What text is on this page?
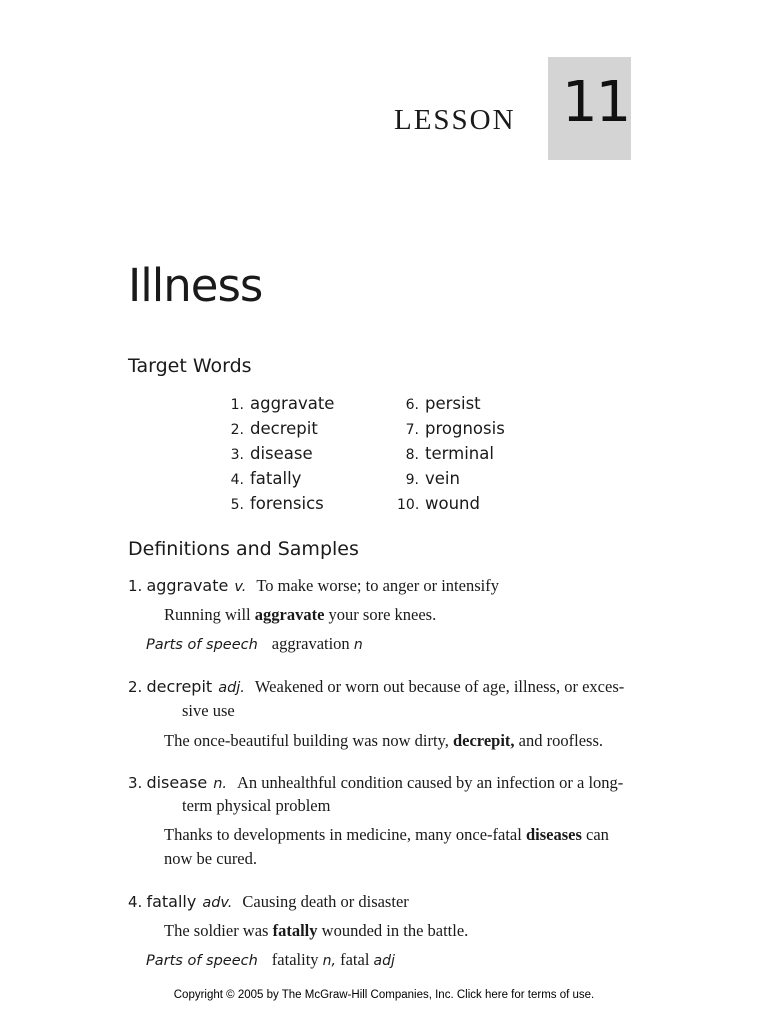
LESSON 11
Illness
Target Words
1. aggravate
2. decrepit
3. disease
4. fatally
5. forensics
6. persist
7. prognosis
8. terminal
9. vein
10. wound
Definitions and Samples
1. aggravate v. To make worse; to anger or intensify
Running will aggravate your sore knees.
Parts of speech aggravation n
2. decrepit adj. Weakened or worn out because of age, illness, or exces-
sive use
The once-beautiful building was now dirty, decrepit, and roofless.
3. disease n. An unhealthful condition caused by an infection or a long-
term physical problem
Thanks to developments in medicine, many once-fatal diseases can
now be cured.
4. fatally adv. Causing death or disaster
The soldier was fatally wounded in the battle.
Parts of speech fatality n, fatal adj
Copyright © 2005 by The McGraw-Hill Companies, Inc. Click here for terms of use.
